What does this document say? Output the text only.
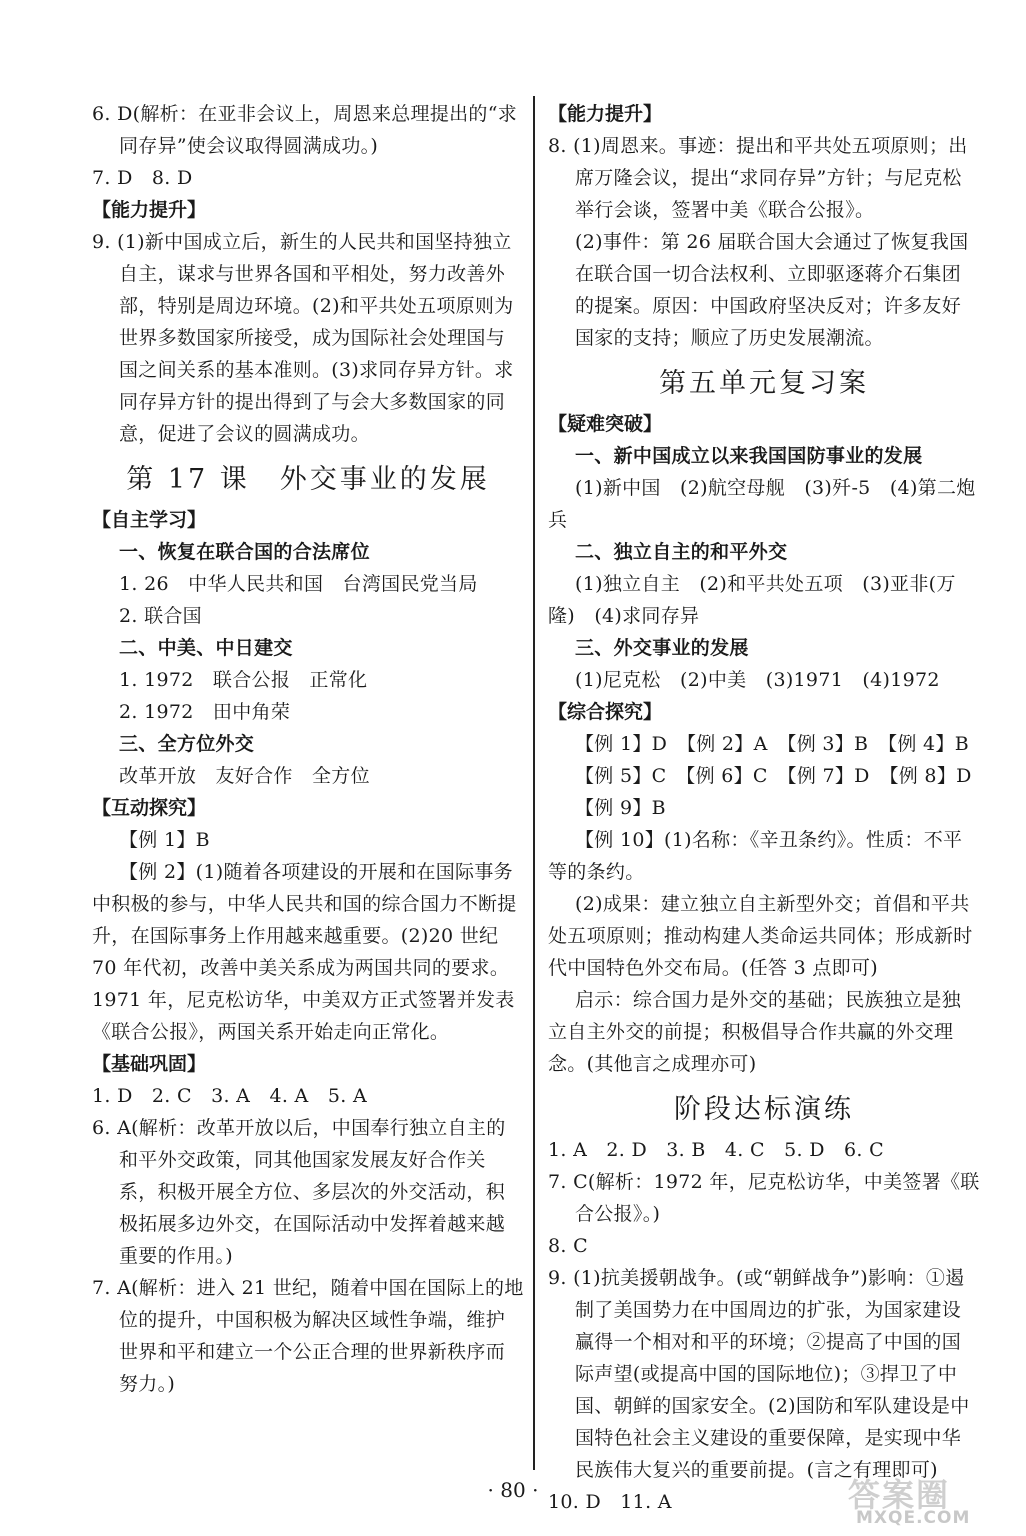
6. D(解析：在亚非会议上，周恩来总理提出的“求同存异”使会议取得圆满成功。)

7. D　8. D

【能力提升】

9. (1)新中国成立后，新生的人民共和国坚持独立自主，谋求与世界各国和平相处，努力改善外部，特别是周边环境。(2)和平共处五项原则为世界多数国家所接受，成为国际社会处理国与国之间关系的基本准则。(3)求同存异方针。求同存异方针的提出得到了与会大多数国家的同意，促进了会议的圆满成功。

第 17 课　外交事业的发展

【自主学习】

一、恢复在联合国的合法席位

1. 26　中华人民共和国　台湾国民党当局

2. 联合国

二、中美、中日建交

1. 1972　联合公报　正常化

2. 1972　田中角荣

三、全方位外交

改革开放　友好合作　全方位

【互动探究】

【例 1】B

【例 2】(1)随着各项建设的开展和在国际事务中积极的参与，中华人民共和国的综合国力不断提升，在国际事务上作用越来越重要。(2)20 世纪 70 年代初，改善中美关系成为两国共同的要求。1971 年，尼克松访华，中美双方正式签署并发表《联合公报》，两国关系开始走向正常化。

【基础巩固】

1. D　2. C　3. A　4. A　5. A

6. A(解析：改革开放以后，中国奉行独立自主的和平外交政策，同其他国家发展友好合作关系，积极开展全方位、多层次的外交活动，积极拓展多边外交，在国际活动中发挥着越来越重要的作用。)

7. A(解析：进入 21 世纪，随着中国在国际上的地位的提升，中国积极为解决区域性争端，维护世界和平和建立一个公正合理的世界新秩序而努力。)

【能力提升】

8. (1)周恩来。事迹：提出和平共处五项原则；出席万隆会议，提出“求同存异”方针；与尼克松举行会谈，签署中美《联合公报》。

(2)事件：第 26 届联合国大会通过了恢复我国在联合国一切合法权利、立即驱逐蒋介石集团的提案。原因：中国政府坚决反对；许多友好国家的支持；顺应了历史发展潮流。

第五单元复习案

【疑难突破】

一、新中国成立以来我国国防事业的发展

(1)新中国　(2)航空母舰　(3)歼-5　(4)第二炮兵

二、独立自主的和平外交

(1)独立自主　(2)和平共处五项　(3)亚非(万隆)　(4)求同存异

三、外交事业的发展

(1)尼克松　(2)中美　(3)1971　(4)1972

【综合探究】

【例 1】D　【例 2】A　【例 3】B　【例 4】B

【例 5】C　【例 6】C　【例 7】D　【例 8】D

【例 9】B

【例 10】(1)名称：《辛丑条约》。性质：不平等的条约。

(2)成果：建立独立自主新型外交；首倡和平共处五项原则；推动构建人类命运共同体；形成新时代中国特色外交布局。(任答 3 点即可)

启示：综合国力是外交的基础；民族独立是独立自主外交的前提；积极倡导合作共赢的外交理念。(其他言之成理亦可)

阶段达标演练

1. A　2. D　3. B　4. C　5. D　6. C

7. C(解析：1972 年，尼克松访华，中美签署《联合公报》。)

8. C

9. (1)抗美援朝战争。(或“朝鲜战争”)影响：①遏制了美国势力在中国周边的扩张，为国家建设赢得一个相对和平的环境；②提高了中国的国际声望(或提高中国的国际地位)；③捍卫了中国、朝鲜的国家安全。(2)国防和军队建设是中国特色社会主义建设的重要保障，是实现中华民族伟大复兴的重要前提。(言之有理即可)

10. D　11. A

· 80 ·	答案圈
MXQE.COM
